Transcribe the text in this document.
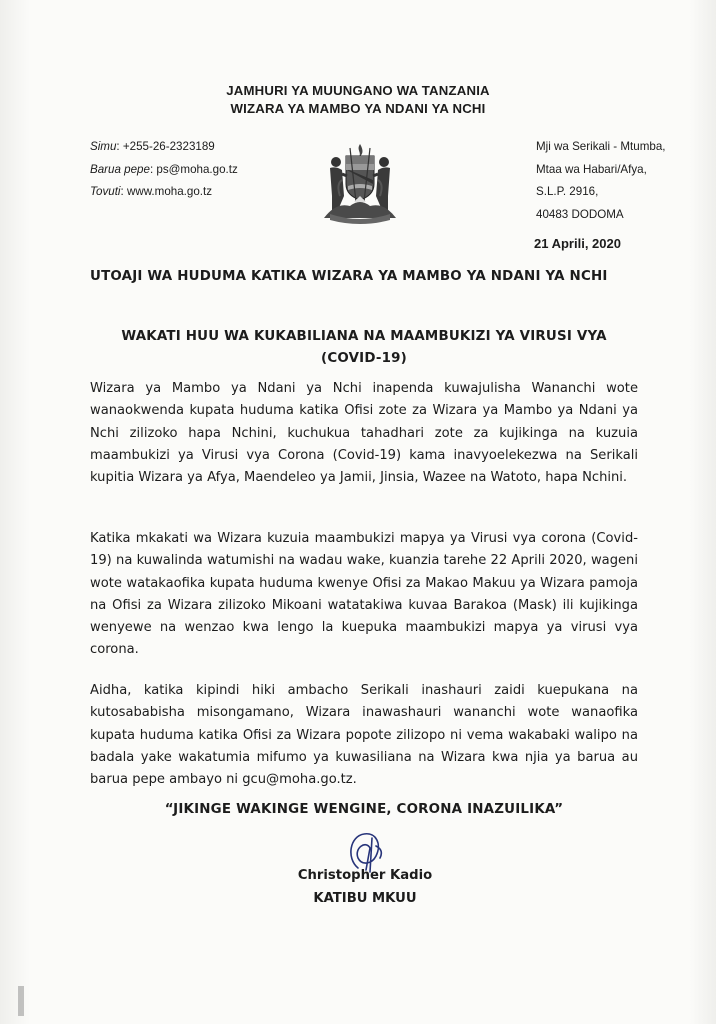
JAMHURI YA MUUNGANO WA TANZANIA
WIZARA YA MAMBO YA NDANI YA NCHI
Simu: +255-26-2323189
Barua pepe: ps@moha.go.tz
Tovuti: www.moha.go.tz
Mji wa Serikali - Mtumba,
Mtaa wa Habari/Afya,
S.L.P. 2916,
40483 DODOMA
21 Aprili, 2020
UTOAJI WA HUDUMA KATIKA WIZARA YA MAMBO YA NDANI YA NCHI
WAKATI HUU WA KUKABILIANA NA MAAMBUKIZI YA VIRUSI VYA (COVID-19)
Wizara ya Mambo ya Ndani ya Nchi inapenda kuwajulisha Wananchi wote wanaokwenda kupata huduma katika Ofisi zote za Wizara ya Mambo ya Ndani ya Nchi zilizoko hapa Nchini, kuchukua tahadhari zote za kujikinga na kuzuia maambukizi ya Virusi vya Corona (Covid-19) kama inavyoelekezwa na Serikali kupitia Wizara ya Afya, Maendeleo ya Jamii, Jinsia, Wazee na Watoto, hapa Nchini.
Katika mkakati wa Wizara kuzuia maambukizi mapya ya Virusi vya corona (Covid-19) na kuwalinda watumishi na wadau wake, kuanzia tarehe 22 Aprili 2020, wageni wote watakaofika kupata huduma kwenye Ofisi za Makao Makuu ya Wizara pamoja na Ofisi za Wizara zilizoko Mikoani watatakiwa kuvaa Barakoa (Mask) ili kujikinga wenyewe na wenzao kwa lengo la kuepuka maambukizi mapya ya virusi vya corona.
Aidha, katika kipindi hiki ambacho Serikali inashauri zaidi kuepukana na kutosababisha misongamano, Wizara inawashauri wananchi wote wanaofika kupata huduma katika Ofisi za Wizara popote zilizopo ni vema wakabaki walipo na badala yake wakatumia mifumo ya kuwasiliana na Wizara kwa njia ya barua au barua pepe ambayo ni gcu@moha.go.tz.
“JIKINGE WAKINGE WENGINE, CORONA INAZUILIKA”
Christopher Kadio
KATIBU MKUU
